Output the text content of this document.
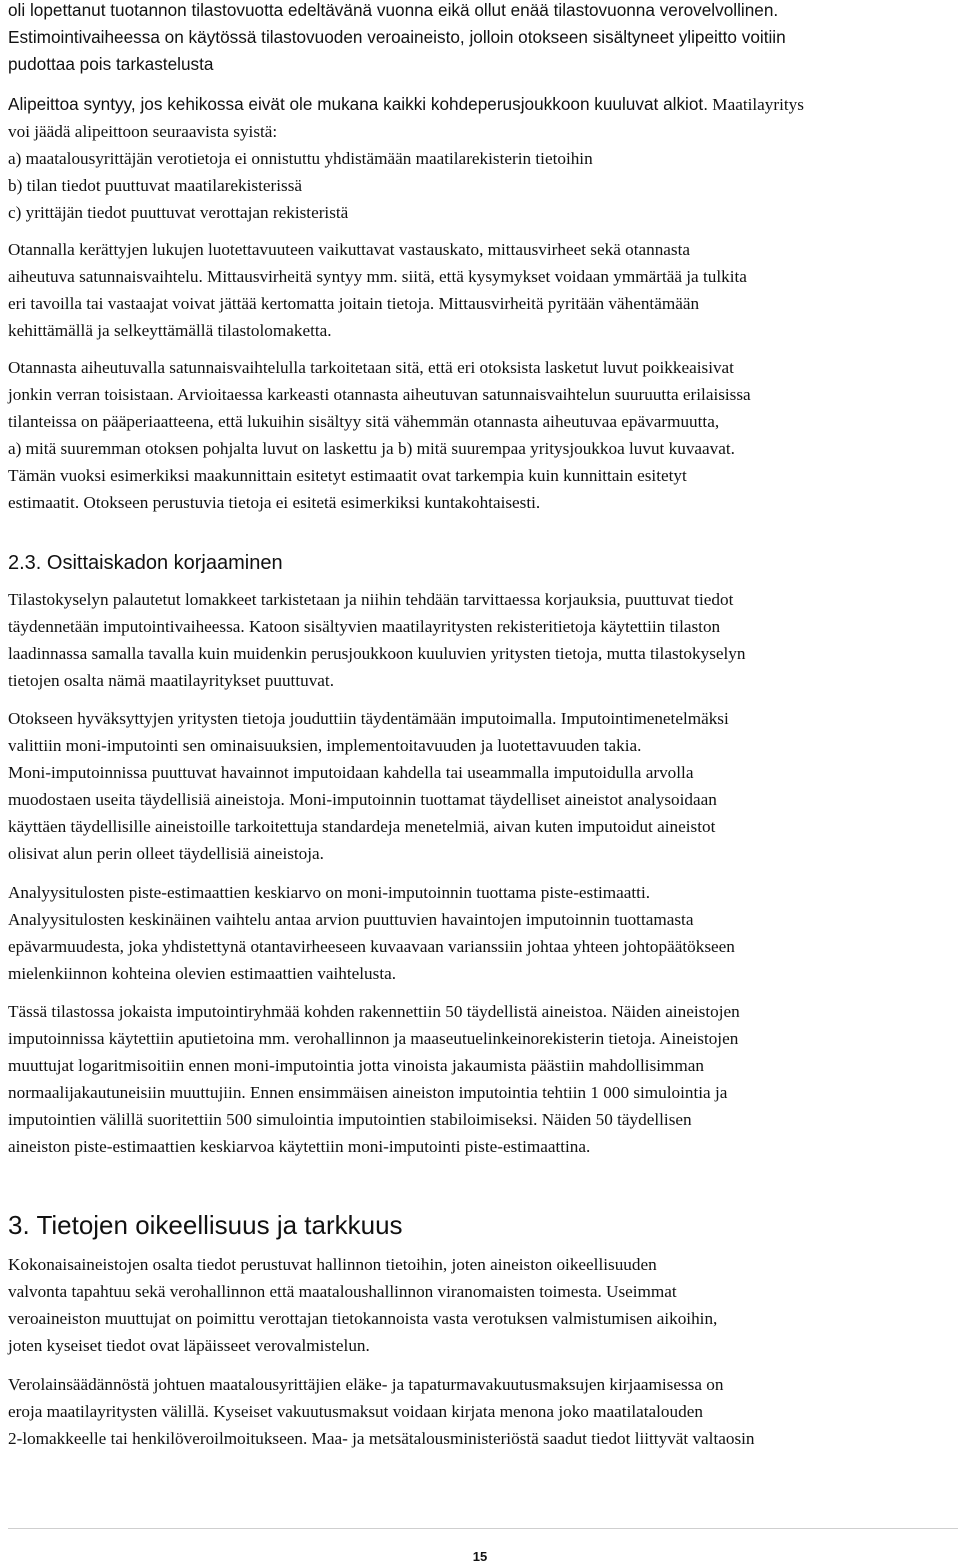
oli lopettanut tuotannon tilastovuotta edeltävänä vuonna eikä ollut enää tilastovuonna verovelvollinen.
Estimointivaiheessa on käytössä tilastovuoden veroaineisto, jolloin otokseen sisältyneet ylipeitto voitiin
pudottaa pois tarkastelusta

Alipeittoa syntyy, jos kehikossa eivät ole mukana kaikki kohdeperusjoukkoon kuuluvat alkiot. Maatilayritys
voi jäädä alipeittoon seuraavista syistä:
a) maatalousyrittäjän verotietoja ei onnistuttu yhdistämään maatilarekisterin tietoihin
b) tilan tiedot puuttuvat maatilarekisterissä
c) yrittäjän tiedot puuttuvat verottajan rekisteristä

Otannalla kerättyjen lukujen luotettavuuteen vaikuttavat vastauskato, mittausvirheet sekä otannasta
aiheutuva satunnaisvaihtelu. Mittausvirheitä syntyy mm. siitä, että kysymykset voidaan ymmärtää ja tulkita
eri tavoilla tai vastaajat voivat jättää kertomatta joitain tietoja. Mittausvirheitä pyritään vähentämään
kehittämällä ja selkeyttämällä tilastolomaketta.

Otannasta aiheutuvalla satunnaisvaihtelulla tarkoitetaan sitä, että eri otoksista lasketut luvut poikkeaisivat
jonkin verran toisistaan. Arvioitaessa karkeasti otannasta aiheutuvan satunnaisvaihtelun suuruutta erilaisissa
tilanteissa on pääperiaatteena, että lukuihin sisältyy sitä vähemmän otannasta aiheutuvaa epävarmuutta,
a) mitä suuremman otoksen pohjalta luvut on laskettu ja b) mitä suurempaa yritysjoukkoa luvut kuvaavat.
Tämän vuoksi esimerkiksi maakunnittain esitetyt estimaatit ovat tarkempia kuin kunnittain esitetyt
estimaatit. Otokseen perustuvia tietoja ei esitetä esimerkiksi kuntakohtaisesti.

2.3. Osittaiskadon korjaaminen

Tilastokyselyn palautetut lomakkeet tarkistetaan ja niihin tehdään tarvittaessa korjauksia, puuttuvat tiedot
täydennetään imputointivaiheessa. Katoon sisältyvien maatilayritysten rekisteritietoja käytettiin tilaston
laadinnassa samalla tavalla kuin muidenkin perusjoukkoon kuuluvien yritysten tietoja, mutta tilastokyselyn
tietojen osalta nämä maatilayritykset puuttuvat.

Otokseen hyväksyttyjen yritysten tietoja jouduttiin täydentämään imputoimalla. Imputointimenetelmäksi
valittiin moni-imputointi sen ominaisuuksien, implementoitavuuden ja luotettavuuden takia.
Moni-imputoinnissa puuttuvat havainnot imputoidaan kahdella tai useammalla imputoidulla arvolla
muodostaen useita täydellisiä aineistoja. Moni-imputoinnin tuottamat täydelliset aineistot analysoidaan
käyttäen täydellisille aineistoille tarkoitettuja standardeja menetelmiä, aivan kuten imputoidut aineistot
olisivat alun perin olleet täydellisiä aineistoja.

Analyysitulosten piste-estimaattien keskiarvo on moni-imputoinnin tuottama piste-estimaatti.
Analyysitulosten keskinäinen vaihtelu antaa arvion puuttuvien havaintojen imputoinnin tuottamasta
epävarmuudesta, joka yhdistettynä otantavirheeseen kuvaavaan varianssiin johtaa yhteen johtopäätökseen
mielenkiinnon kohteina olevien estimaattien vaihtelusta.

Tässä tilastossa jokaista imputointiryhmää kohden rakennettiin 50 täydellistä aineistoa. Näiden aineistojen
imputoinnissa käytettiin aputietoina mm. verohallinnon ja maaseutuelinkeinorekisterin tietoja. Aineistojen
muuttujat logaritmisoitiin ennen moni-imputointia jotta vinoista jakaumista päästiin mahdollisimman
normaalijakautuneisiin muuttujiin. Ennen ensimmäisen aineiston imputointia tehtiin 1 000 simulointia ja
imputointien välillä suoritettiin 500 simulointia imputointien stabiloimiseksi. Näiden 50 täydellisen
aineiston piste-estimaattien keskiarvoa käytettiin moni-imputointi piste-estimaattina.

3. Tietojen oikeellisuus ja tarkkuus

Kokonaisaineistojen osalta tiedot perustuvat hallinnon tietoihin, joten aineiston oikeellisuuden
valvonta tapahtuu sekä verohallinnon että maataloushallinnon viranomaisten toimesta. Useimmat
veroaineiston muuttujat on poimittu verottajan tietokannoista vasta verotuksen valmistumisen aikoihin,
joten kyseiset tiedot ovat läpäisseet verovalmistelun.

Verolainsäädännöstä johtuen maatalousyrittäjien eläke- ja tapaturmavakuutusmaksujen kirjaamisessa on
eroja maatilayritysten välillä. Kyseiset vakuutusmaksut voidaan kirjata menona joko maatilatalouden
2-lomakkeelle tai henkilöveroilmoitukseen. Maa- ja metsätalousministeriöstä saadut tiedot liittyvät valtaosin

15
